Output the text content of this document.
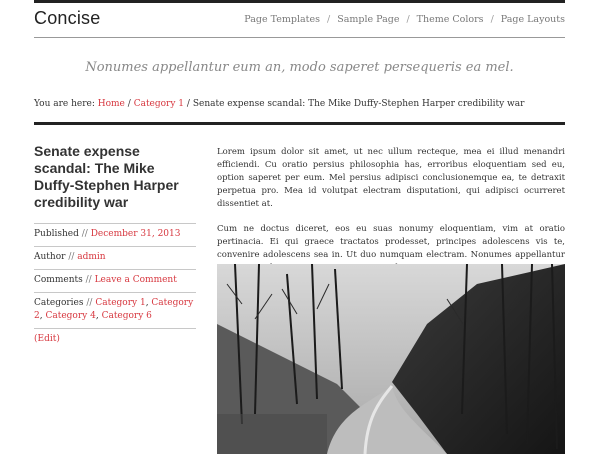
Concise	Page Templates / Sample Page / Theme Colors / Page Layouts
Nonumes appellantur eum an, modo saperet persequeris ea mel.
You are here: Home / Category 1 / Senate expense scandal: The Mike Duffy-Stephen Harper credibility war
Senate expense scandal: The Mike Duffy-Stephen Harper credibility war
Published // December 31, 2013
Author // admin
Comments // Leave a Comment
Categories // Category 1, Category 2, Category 4, Category 6
(Edit)

Lorem ipsum dolor sit amet, ut nec ullum recteque, mea ei illud menandri efficiendi. Cu oratio persius philosophia has, erroribus eloquentiam sed eu, option saperet per eum. Mel persius adipisci conclusionemque ea, te detraxit perpetua pro. Mea id volutpat electram disputationi, qui adipisci ocurreret dissentiet at.

Cum ne doctus diceret, eos eu suas nonumy eloquentiam, vim at oratio pertinacia. Ei qui graece tractatos prodesset, principes adolescens vis te, convenire adolescens sea in. Ut duo numquam electram. Nonumes appellantur
